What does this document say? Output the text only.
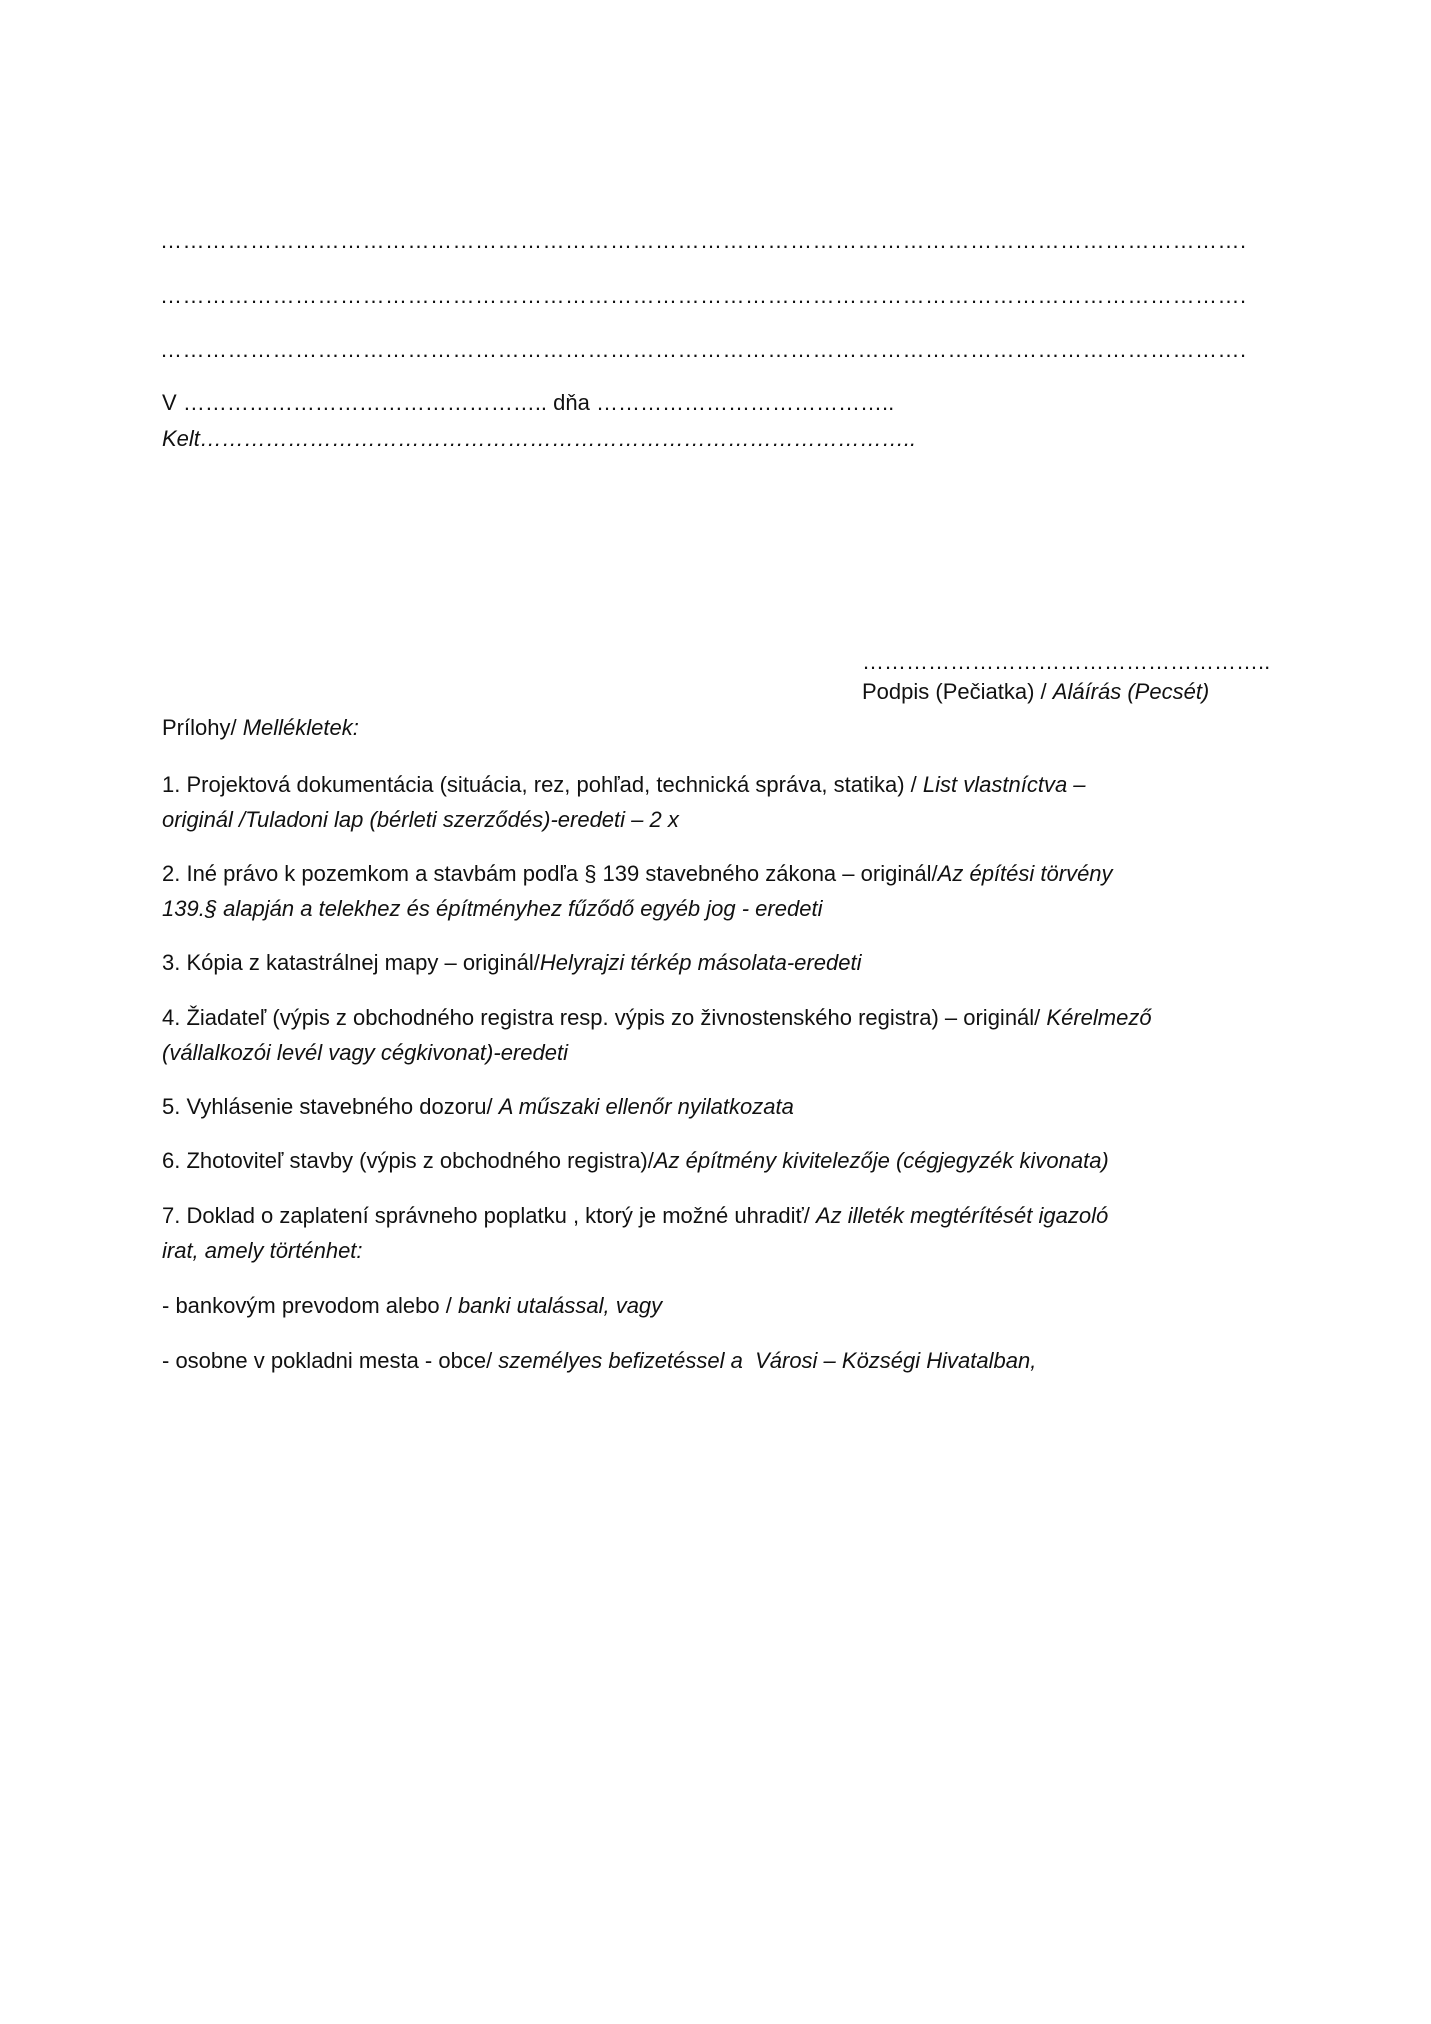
……………………………………………………………………………………………………………………………….
……………………………………………………………………………………………………………………………….
……………………………………………………………………………………………………………………………….
V ………………………………………….. dňa …………………………………..
Kelt……………………………………………………………………………………..
………………………………………………..
Podpis (Pečiatka) / Aláírás (Pecsét)
Prílohy/ Mellékletek:
1. Projektová dokumentácia (situácia, rez, pohľad, technická správa, statika) / List vlastníctva –
originál /Tuladoni lap (bérleti szerződés)-eredeti – 2 x
2. Iné právo k pozemkom a stavbám podľa § 139 stavebného zákona – originál/Az építési törvény
139.§ alapján a telekhez és építményhez fűződő egyéb jog - eredeti
3. Kópia z katastrálnej mapy – originál/Helyrajzi térkép másolata-eredeti
4. Žiadateľ (výpis z obchodného registra resp. výpis zo živnostenského registra) – originál/ Kérelmező
(vállalkozói levél vagy cégkivonat)-eredeti
5. Vyhlásenie stavebného dozoru/ A műszaki ellenőr nyilatkozata
6. Zhotoviteľ stavby (výpis z obchodného registra)/Az építmény kivitelezője (cégjegyzék kivonata)
7. Doklad o zaplatení správneho poplatku , ktorý je možné uhradiť/ Az illeték megtérítését igazoló
irat, amely történhet:
- bankovým prevodom alebo / banki utalással, vagy
- osobne v pokladni mesta - obce/ személyes befizetéssel a  Városi – Községi Hivatalban,
